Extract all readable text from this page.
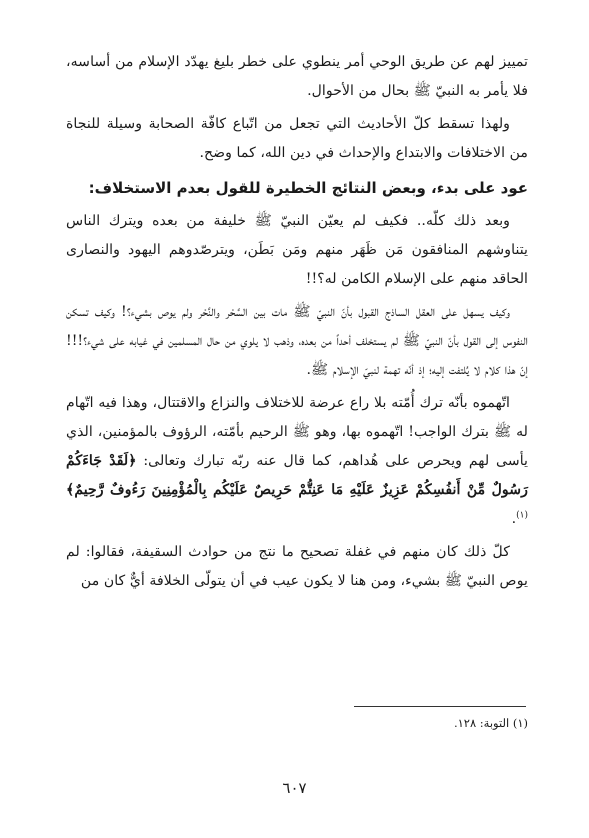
تمييز لهم عن طريق الوحي أمر ينطوي على خطر بليغ يهدّد الإسلام من أساسه، فلا يأمر به النبيّ ﷺ بحال من الأحوال.

ولهذا تسقط كلّ الأحاديث التي تجعل من اتّباع كافّة الصحابة وسيلة للنجاة من الاختلافات والابتداع والإحداث في دين الله، كما وضح.

عود على بدء، وبعض النتائج الخطيرة للقول بعدم الاستخلاف:

وبعد ذلك كلّه.. فكيف لم يعيّن النبيّ ﷺ خليفة من بعده ويترك الناس يتناوشهم المنافقون مَن ظَهَر منهم ومَن بَطَن، ويترصّدوهم اليهود والنصارى الحاقد منهم على الإسلام الكامن له؟!!

وكيف يسهل على العقل الساذج القبول بأنّ النبيّ ﷺ مات بين السَّحْر والنَّحْر ولم يوص بشيء؟! وكيف تسكن النفوس إلى القول بأنّ النبيّ ﷺ لم يستخلف أحداً من بعده، وذهب لا يلوي من حال المسلمين في غيابه على شيء؟!!! إنّ هذا كلام لا يُلتفت إليه؛ إذ أنّه تهمة لنبيّ الإسلام ﷺ.

اتّهموه بأنّه ترك أُمّته بلا راع عرضة للاختلاف والنزاع والاقتتال، وهذا فيه اتّهام له ﷺ بترك الواجب! اتّهموه بها، وهو ﷺ الرحيم بأمّته، الرؤوف بالمؤمنين، الذي يأسى لهم ويحرص على هُداهم، كما قال عنه ربّه تبارك وتعالى: ﴿لَقَدْ جَاءَكُمْ رَسُولٌ مِّنْ أَنفُسِكُمْ عَزِيزٌ عَلَيْهِ مَا عَنِتُّمْ حَرِيصٌ عَلَيْكُم بِالْمُؤْمِنِينَ رَءُوفٌ رَّحِيمٌ﴾$^{(١)}$.

كلّ ذلك كان منهم في غفلة تصحيح ما نتج من حوادث السقيفة، فقالوا: لم يوص النبيّ ﷺ بشيء، ومن هنا لا يكون عيب في أن يتولّى الخلافة أيٌّ كان من

(١) التوبة: ١٢٨.
٦٠٧
